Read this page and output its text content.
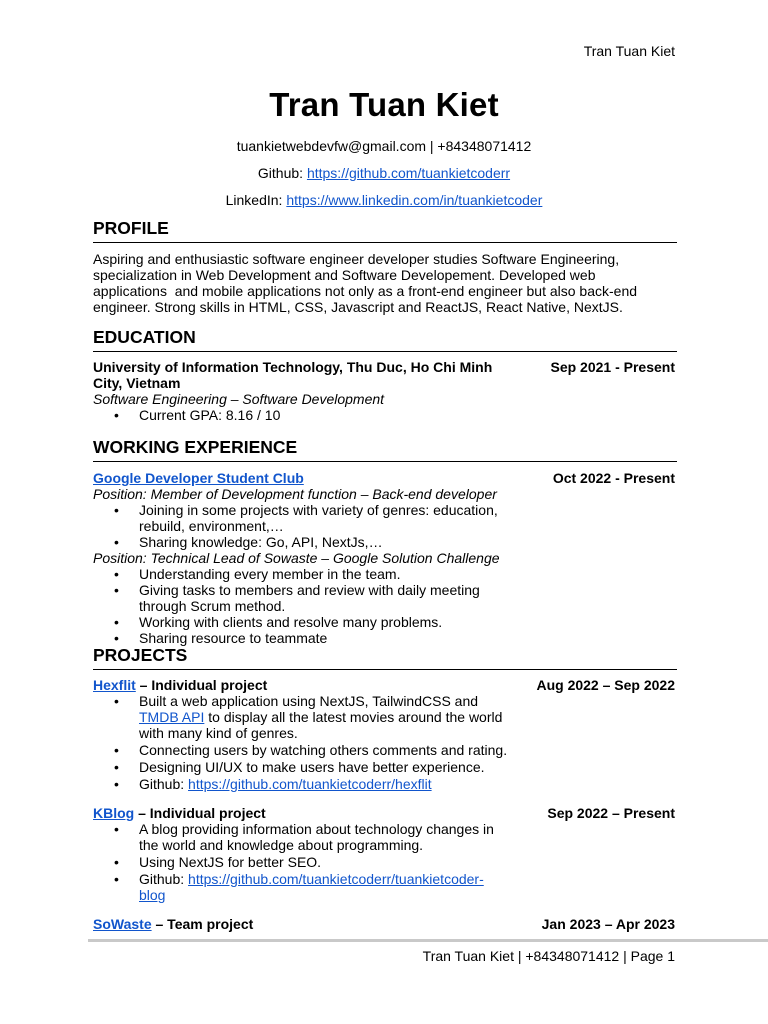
Tran Tuan Kiet
Tran Tuan Kiet
tuankietwebdevfw@gmail.com | +84348071412
Github: https://github.com/tuankietcoderr
LinkedIn: https://www.linkedin.com/in/tuankietcoder
PROFILE
Aspiring and enthusiastic software engineer developer studies Software Engineering,
specialization in Web Development and Software Developement. Developed web
applications  and mobile applications not only as a front-end engineer but also back-end
engineer. Strong skills in HTML, CSS, Javascript and ReactJS, React Native, NextJS.
EDUCATION
University of Information Technology, Thu Duc, Ho Chi Minh
City, Vietnam
Sep 2021 - Present
Software Engineering – Software Development
• Current GPA: 8.16 / 10
WORKING EXPERIENCE
Google Developer Student Club	Oct 2022 - Present
Position: Member of Development function – Back-end developer
• Joining in some projects with variety of genres: education,
rebuild, environment,…
• Sharing knowledge: Go, API, NextJs,…
Position: Technical Lead of Sowaste – Google Solution Challenge
• Understanding every member in the team.
• Giving tasks to members and review with daily meeting
through Scrum method.
• Working with clients and resolve many problems.
• Sharing resource to teammate
PROJECTS
Hexflit – Individual project	Aug 2022 – Sep 2022
• Built a web application using NextJS, TailwindCSS and
TMDB API to display all the latest movies around the world
with many kind of genres.
• Connecting users by watching others comments and rating.
• Designing UI/UX to make users have better experience.
• Github: https://github.com/tuankietcoderr/hexflit
KBlog – Individual project	Sep 2022 – Present
• A blog providing information about technology changes in
the world and knowledge about programming.
• Using NextJS for better SEO.
• Github: https://github.com/tuankietcoderr/tuankietcoder-
blog
SoWaste – Team project	Jan 2023 – Apr 2023
Tran Tuan Kiet | +84348071412 | Page 1
